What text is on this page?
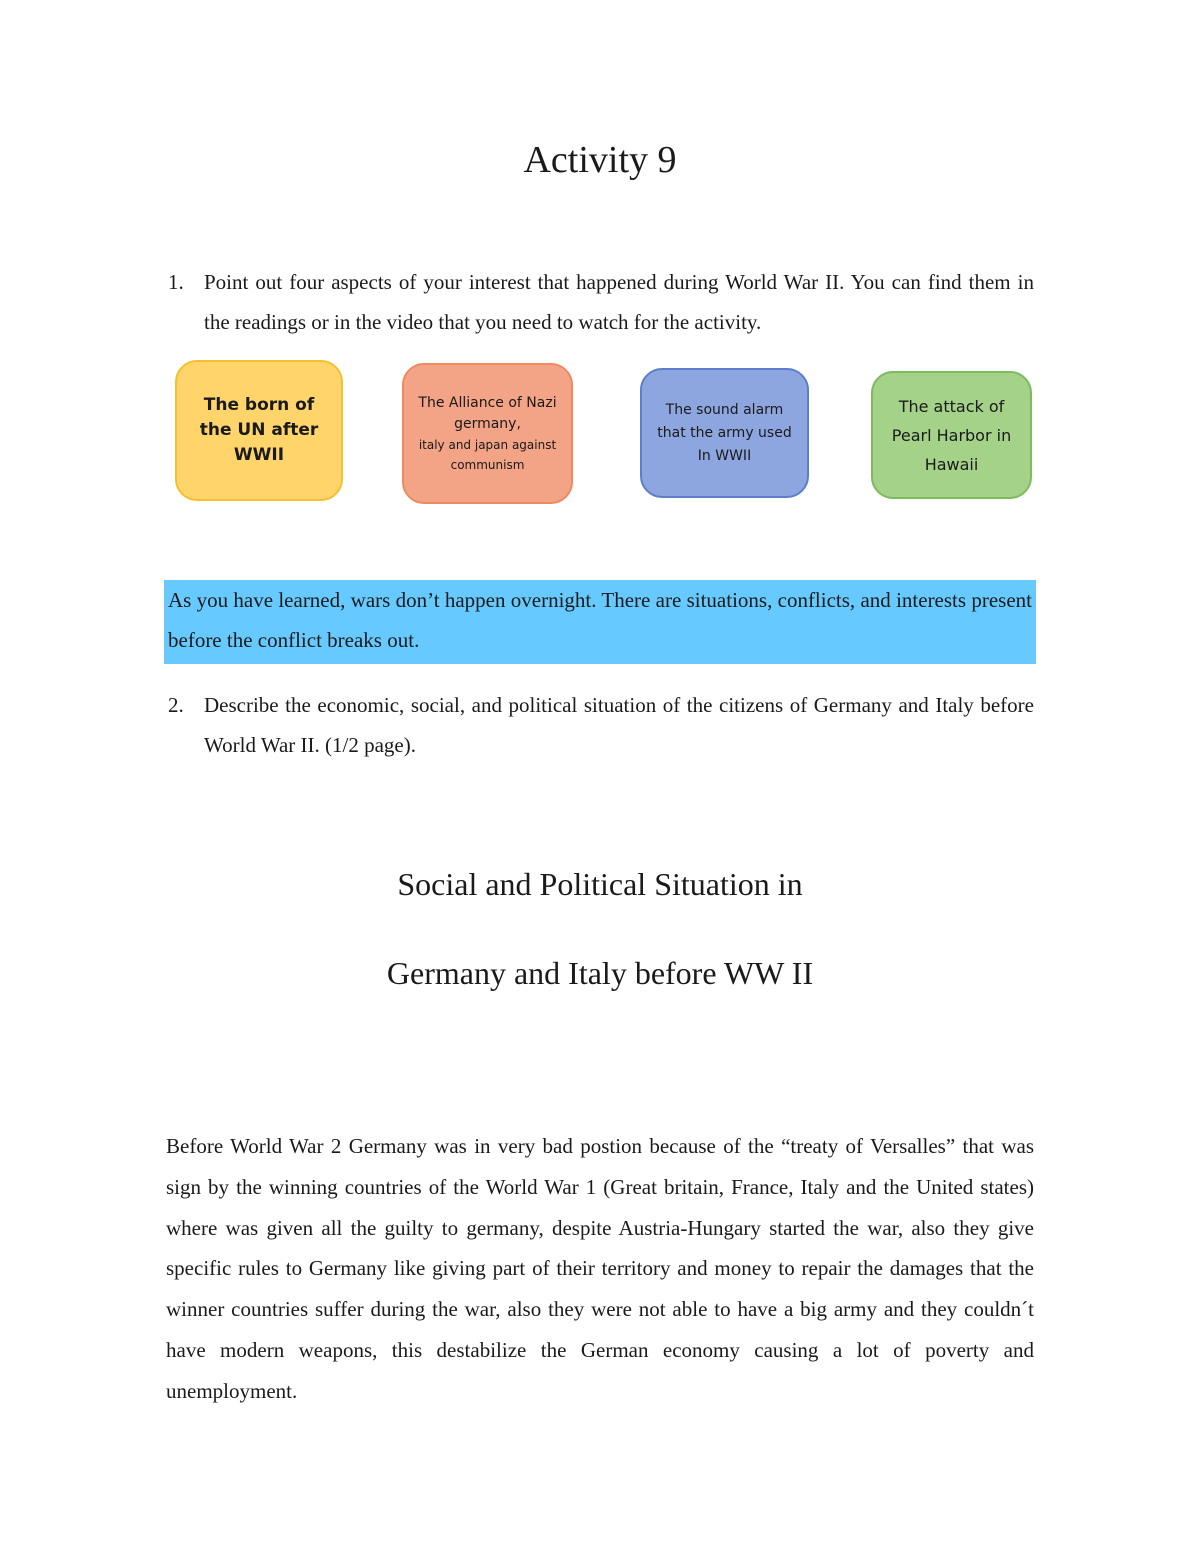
Activity 9
1. Point out four aspects of your interest that happened during World War II. You can find them in the readings or in the video that you need to watch for the activity.
The born of the UN after WWII
The Alliance of Nazi germany,
italy and japan against communism
The sound alarm that the army used In WWII
The attack of Pearl Harbor in Hawaii

As you have learned, wars don’t happen overnight. There are situations, conflicts, and interests present before the conflict breaks out.

2. Describe the economic, social, and political situation of the citizens of Germany and Italy before World War II. (1/2 page).
Social and Political Situation in
Germany and Italy before WW II

Before World War 2 Germany was in very bad postion because of the “treaty of Versalles” that was sign by the winning countries of the World War 1 (Great britain, France, Italy and the United states) where was given all the guilty to germany, despite Austria-Hungary started the war, also they give specific rules to Germany like giving part of their territory and money to repair the damages that the winner countries suffer during the war, also they were not able to have a big army and they couldn´t have modern weapons, this destabilize the German economy causing a lot of poverty and unemployment.
